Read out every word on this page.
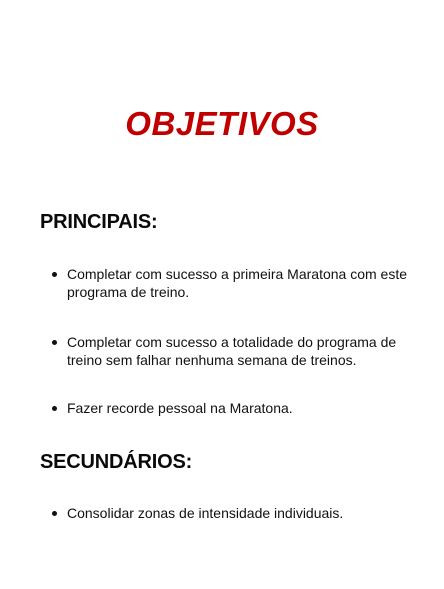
OBJETIVOS
PRINCIPAIS:
Completar com sucesso a primeira Maratona com este programa de treino.
Completar com sucesso a totalidade do programa de treino sem falhar nenhuma semana de treinos.
Fazer recorde pessoal na Maratona.
SECUNDÁRIOS:
Consolidar zonas de intensidade individuais.
